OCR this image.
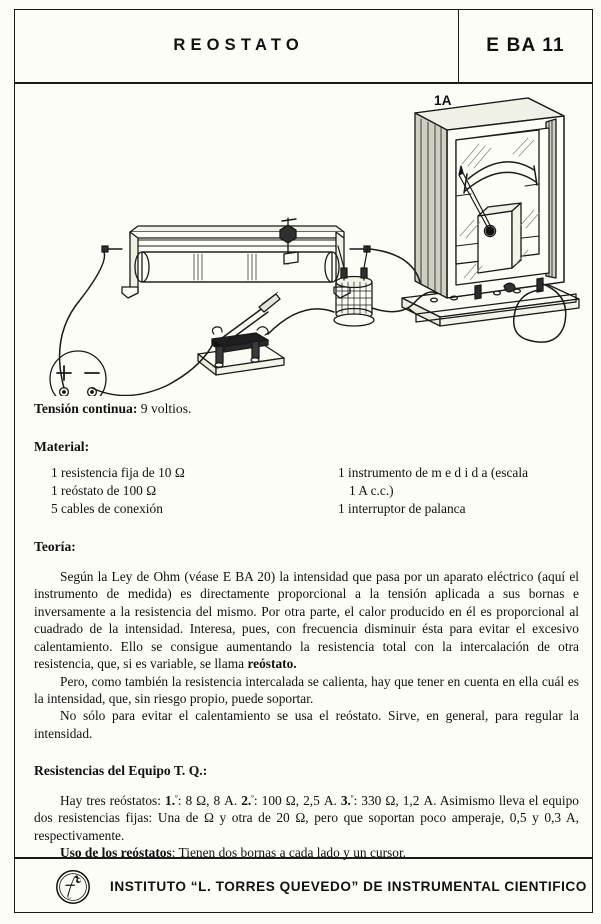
REOSTATO	E BA 11
1A
Tensión continua: 9 voltios.
Material:
1 resistencia fija de 10 Ω
1 reóstato de 100 Ω
5 cables de conexión
1 instrumento de m e d i d a (escala
1 A c.c.)
1 interruptor de palanca
Teoría:

Según la Ley de Ohm (véase E BA 20) la intensidad que pasa por un aparato eléctrico (aquí el instrumento de medida) es directamente proporcional a la tensión aplicada a sus bornas e inversamente a la resistencia del mismo. Por otra parte, el calor producido en él es proporcional al cuadrado de la intensidad. Interesa, pues, con frecuencia disminuir ésta para evitar el excesivo calentamiento. Ello se consigue aumentando la resistencia total con la intercalación de otra resistencia, que, si es variable, se llama reóstato.

Pero, como también la resistencia intercalada se calienta, hay que tener en cuenta en ella cuál es la intensidad, que, sin riesgo propio, puede soportar.

No sólo para evitar el calentamiento se usa el reóstato. Sirve, en general, para regular la intensidad.

Resistencias del Equipo T. Q.:

Hay tres reóstatos: 1.$^º$: 8 Ω, 8 A. 2.$^º$: 100 Ω, 2,5 A. 3.$^º$: 330 Ω, 1,2 A. Asimismo lleva el equipo dos resistencias fijas: Una de Ω y otra de 20 Ω, pero que soportan poco amperaje, 0,5 y 0,3 A, respectivamente.

Uso de los reóstatos: Tienen dos bornas a cada lado y un cursor.

INSTITUTO “L. TORRES QUEVEDO” DE INSTRUMENTAL CIENTIFICO
